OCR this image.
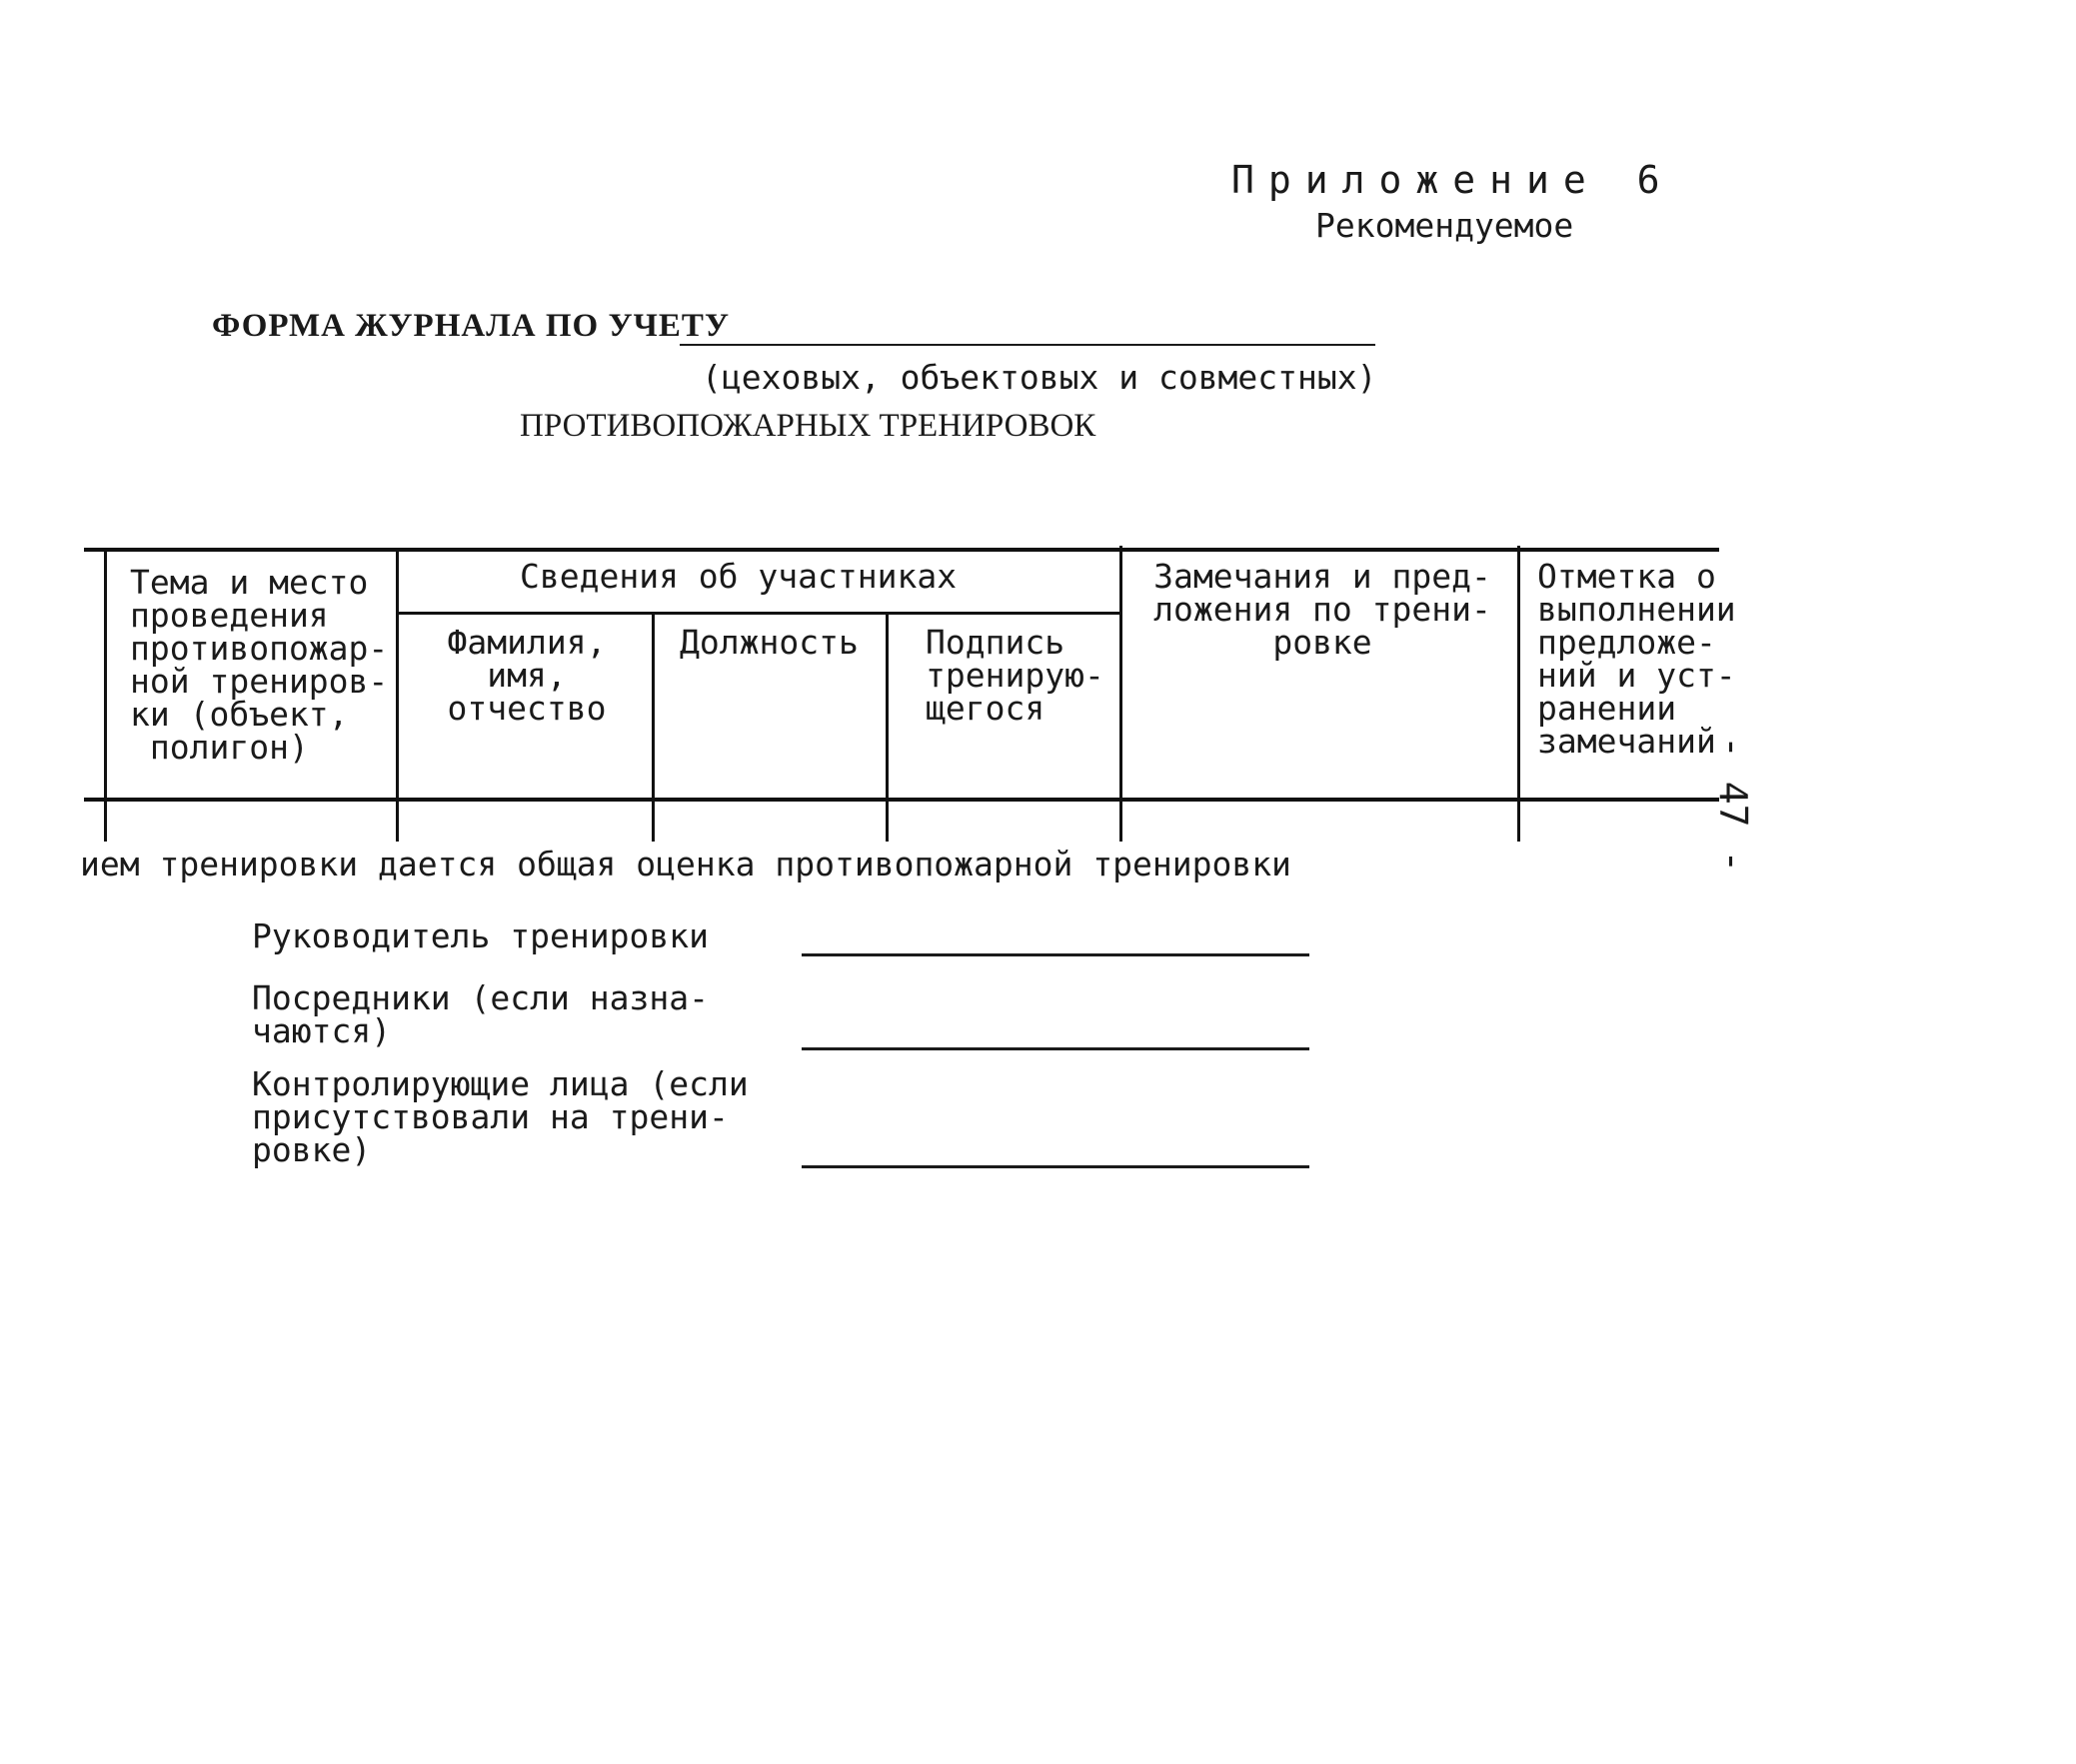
Приложение 6
Рекомендуемое
ФОРМА ЖУРНАЛА ПО УЧЕТУ
(цеховых, объектовых и совместных)
ПРОТИВОПОЖАРНЫХ ТРЕНИРОВОК
Тема и место
проведения
противопожар-
ной трениров-
ки (объект,
полигон)
Сведения об участниках
Фамилия,
имя,
отчество
Должность Подпись
тренирую-
щегося
Замечания и пред-
ложения по трени-
ровке
Отметка о
выполнении
предложе-
ний и уст-
ранении
замечаний
- 47 -
ием тренировки дается общая оценка противопожарной тренировки
Руководитель тренировки
Посредники (если назна-
чаются)
Контролирующие лица (если
присутствовали на трени-
ровке)
